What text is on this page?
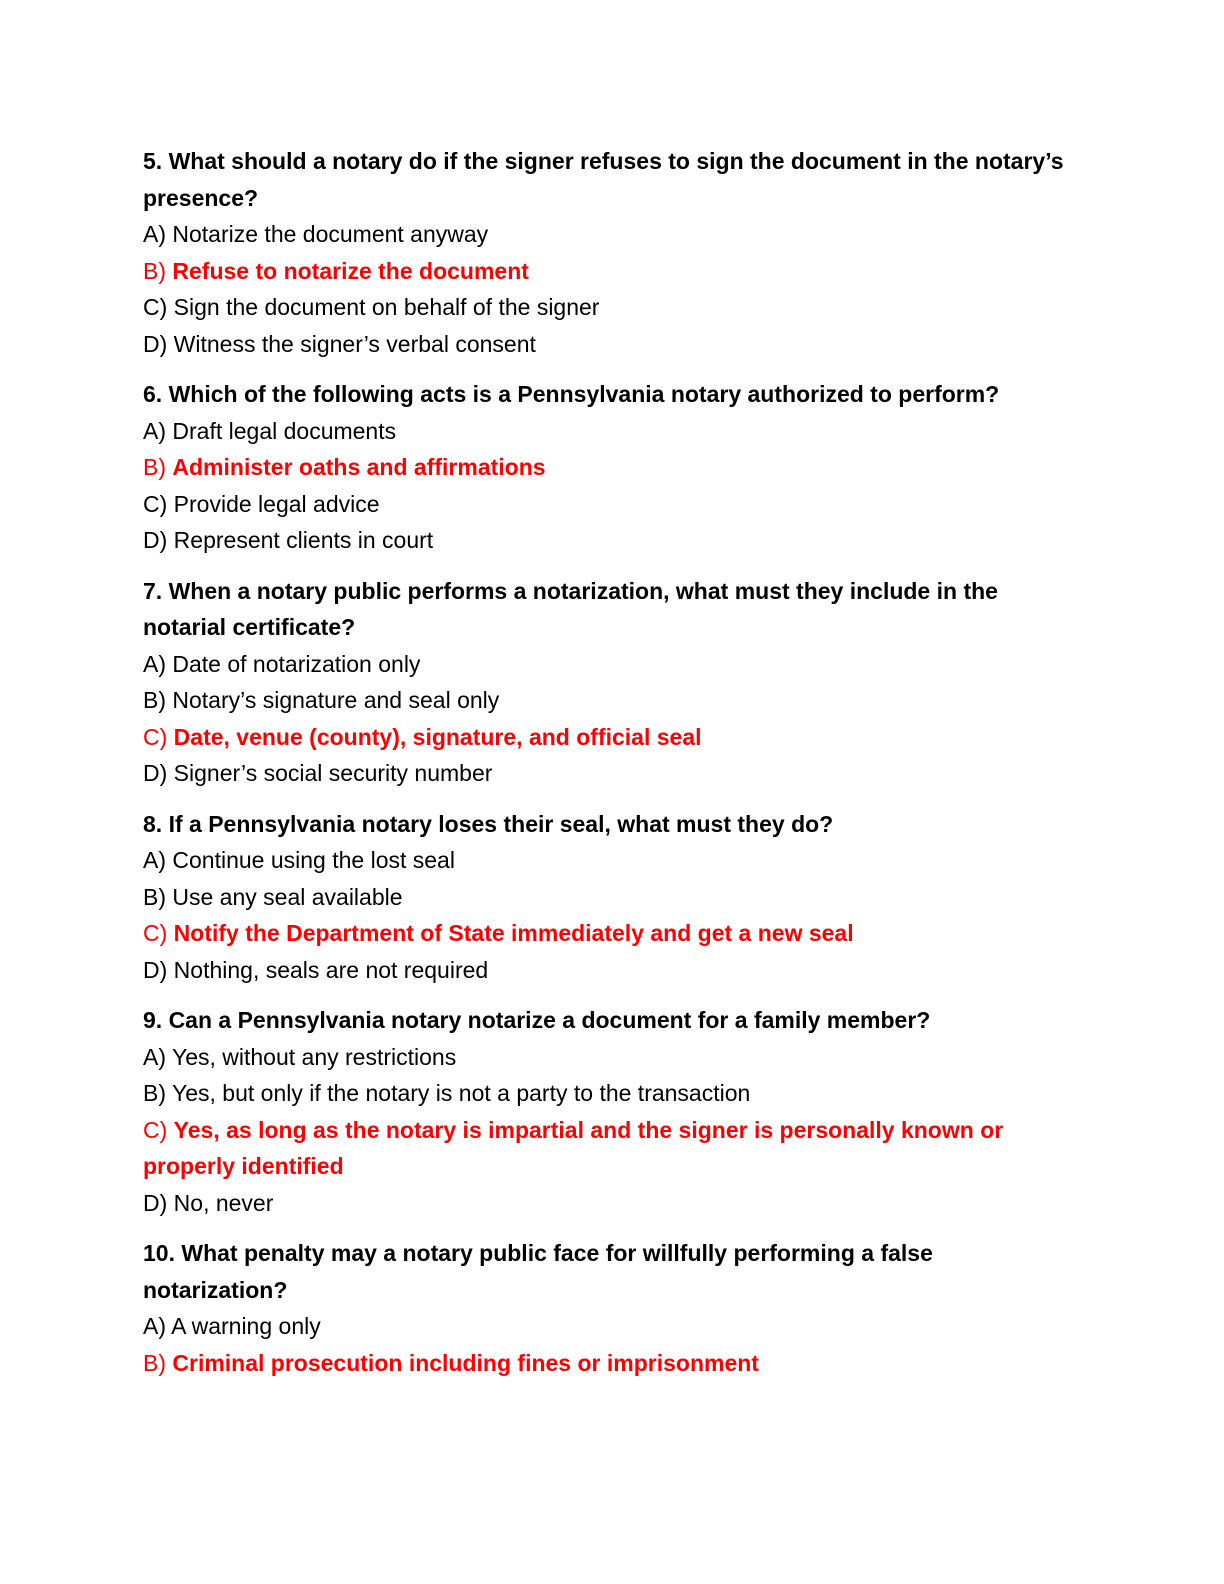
5. What should a notary do if the signer refuses to sign the document in the notary’s presence?

A) Notarize the document anyway

B) Refuse to notarize the document

C) Sign the document on behalf of the signer

D) Witness the signer’s verbal consent

6. Which of the following acts is a Pennsylvania notary authorized to perform?

A) Draft legal documents

B) Administer oaths and affirmations

C) Provide legal advice

D) Represent clients in court

7. When a notary public performs a notarization, what must they include in the notarial certificate?

A) Date of notarization only

B) Notary’s signature and seal only

C) Date, venue (county), signature, and official seal

D) Signer’s social security number

8. If a Pennsylvania notary loses their seal, what must they do?

A) Continue using the lost seal

B) Use any seal available

C) Notify the Department of State immediately and get a new seal

D) Nothing, seals are not required

9. Can a Pennsylvania notary notarize a document for a family member?

A) Yes, without any restrictions

B) Yes, but only if the notary is not a party to the transaction

C) Yes, as long as the notary is impartial and the signer is personally known or properly identified

D) No, never

10. What penalty may a notary public face for willfully performing a false notarization?

A) A warning only

B) Criminal prosecution including fines or imprisonment
